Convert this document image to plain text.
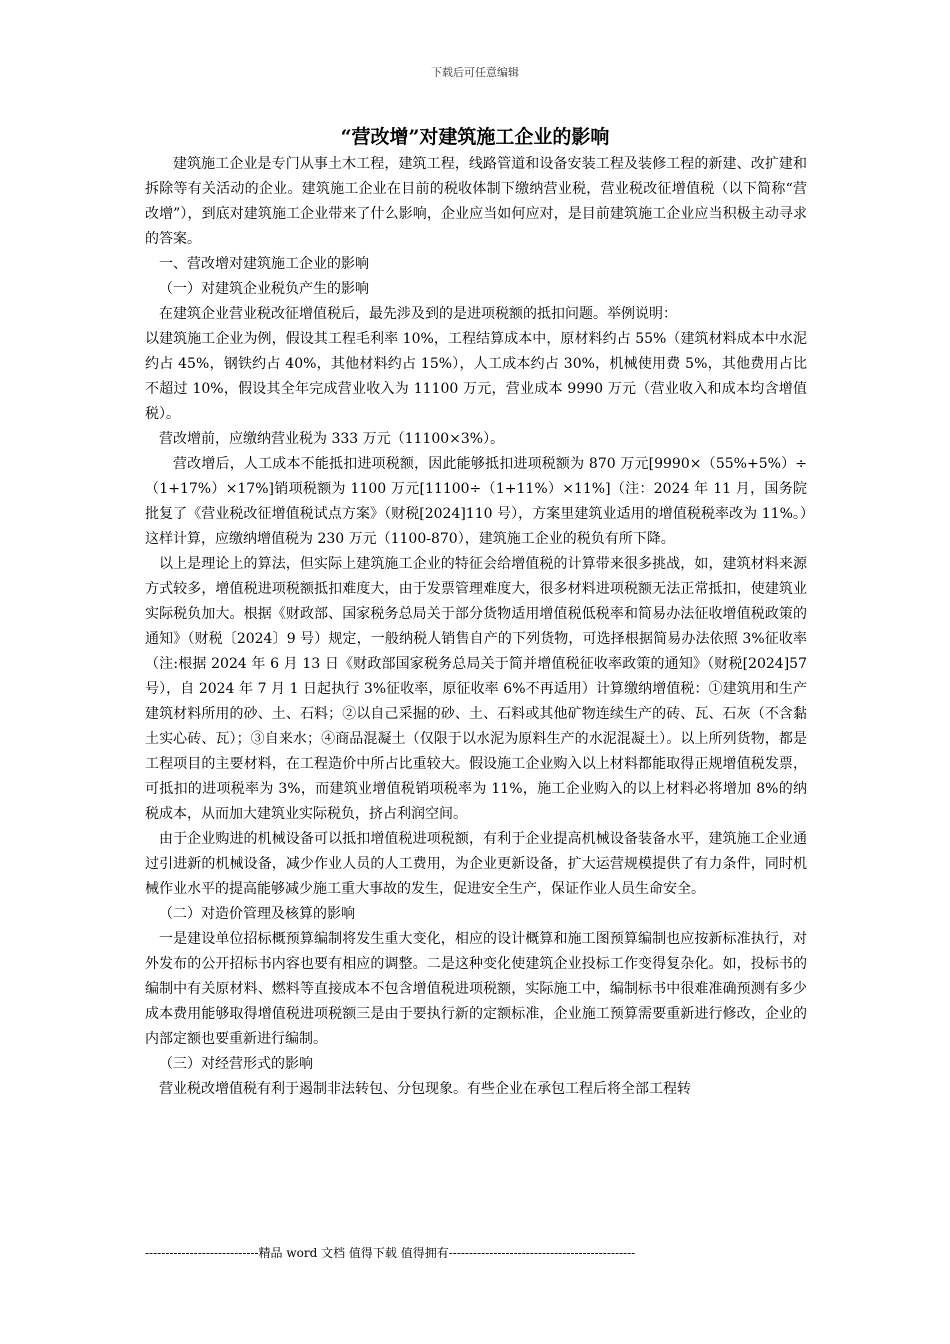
下载后可任意编辑
“营改增”对建筑施工企业的影响

建筑施工企业是专门从事土木工程，建筑工程，线路管道和设备安装工程及装修工程的新建、改扩建和拆除等有关活动的企业。建筑施工企业在目前的税收体制下缴纳营业税，营业税改征增值税（以下简称“营改增”），到底对建筑施工企业带来了什么影响，企业应当如何应对，是目前建筑施工企业应当积极主动寻求的答案。

一、营改增对建筑施工企业的影响

（一）对建筑企业税负产生的影响

在建筑企业营业税改征增值税后，最先涉及到的是进项税额的抵扣问题。举例说明：

以建筑施工企业为例，假设其工程毛利率 10%，工程结算成本中，原材料约占 55%（建筑材料成本中水泥约占 45%，钢铁约占 40%，其他材料约占 15%），人工成本约占 30%，机械使用费 5%，其他费用占比不超过 10%，假设其全年完成营业收入为 11100 万元，营业成本 9990 万元（营业收入和成本均含增值税）。

营改增前，应缴纳营业税为 333 万元（11100×3%）。

营改增后，人工成本不能抵扣进项税额，因此能够抵扣进项税额为 870 万元[9990×（55%+5%）÷（1+17%）×17%]销项税额为 1100 万元[11100÷（1+11%）×11%]（注：2024 年 11 月，国务院批复了《营业税改征增值税试点方案》（财税[2024]110 号），方案里建筑业适用的增值税税率改为 11%。）这样计算，应缴纳增值税为 230 万元（1100-870），建筑施工企业的税负有所下降。

以上是理论上的算法，但实际上建筑施工企业的特征会给增值税的计算带来很多挑战，如，建筑材料来源方式较多，增值税进项税额抵扣难度大，由于发票管理难度大，很多材料进项税额无法正常抵扣，使建筑业实际税负加大。根据《财政部、国家税务总局关于部分货物适用增值税低税率和简易办法征收增值税政策的通知》（财税〔2024〕9 号）规定，一般纳税人销售自产的下列货物，可选择根据简易办法依照 3%征收率（注:根据 2024 年 6 月 13 日《财政部国家税务总局关于简并增值税征收率政策的通知》（财税[2024]57 号），自 2024 年 7 月 1 日起执行 3%征收率，原征收率 6%不再适用）计算缴纳增值税：①建筑用和生产建筑材料所用的砂、土、石料；②以自己采掘的砂、土、石料或其他矿物连续生产的砖、瓦、石灰（不含黏土实心砖、瓦）；③自来水；④商品混凝土（仅限于以水泥为原料生产的水泥混凝土）。以上所列货物，都是工程项目的主要材料，在工程造价中所占比重较大。假设施工企业购入以上材料都能取得正规增值税发票，可抵扣的进项税率为 3%，而建筑业增值税销项税率为 11%，施工企业购入的以上材料必将增加 8%的纳税成本，从而加大建筑业实际税负，挤占利润空间。

由于企业购进的机械设备可以抵扣增值税进项税额，有利于企业提高机械设备装备水平，建筑施工企业通过引进新的机械设备，减少作业人员的人工费用，为企业更新设备，扩大运营规模提供了有力条件，同时机械作业水平的提高能够减少施工重大事故的发生，促进安全生产，保证作业人员生命安全。

（二）对造价管理及核算的影响

一是建设单位招标概预算编制将发生重大变化，相应的设计概算和施工图预算编制也应按新标准执行，对外发布的公开招标书内容也要有相应的调整。二是这种变化使建筑企业投标工作变得复杂化。如，投标书的编制中有关原材料、燃料等直接成本不包含增值税进项税额，实际施工中，编制标书中很难准确预测有多少成本费用能够取得增值税进项税额三是由于要执行新的定额标准，企业施工预算需要重新进行修改，企业的内部定额也要重新进行编制。

（三）对经营形式的影响

营业税改增值税有利于遏制非法转包、分包现象。有些企业在承包工程后将全部工程转

----------------------------精品 word 文档 值得下载 值得拥有----------------------------------------------
